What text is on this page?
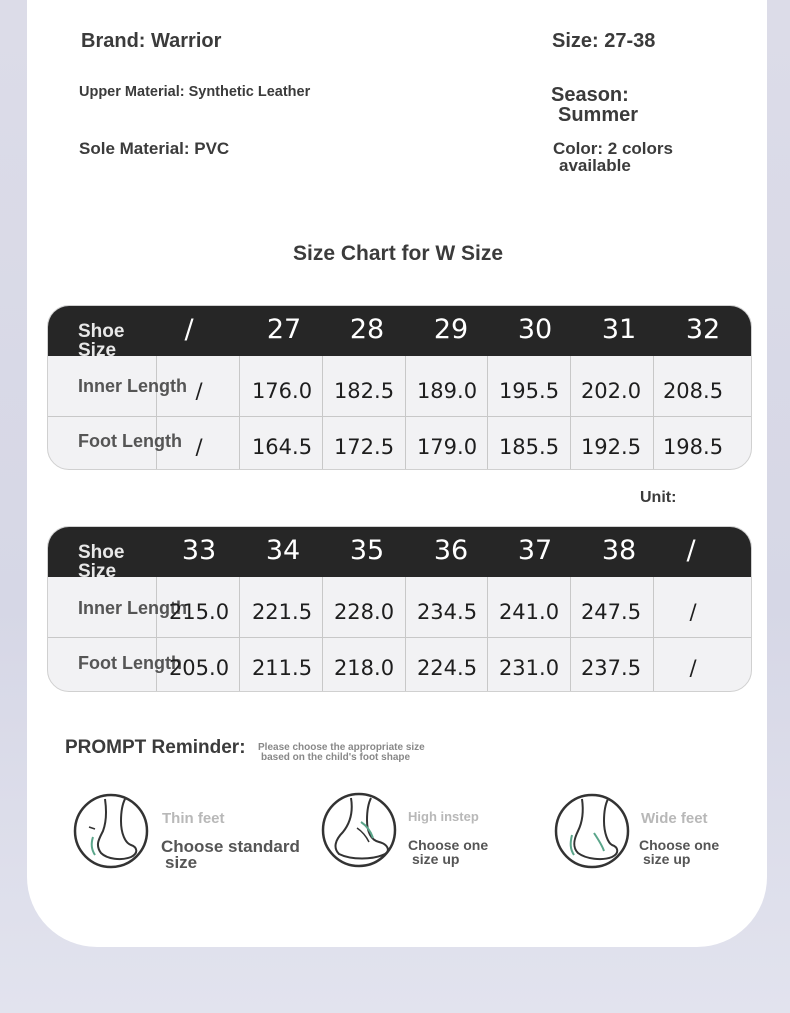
Brand: Warrior	Size: 27-38
Upper Material: Synthetic Leather	Season:
Summer
Sole Material: PVC	Color: 2 colors
available
Size Chart for W Size
Shoe
Size
/	27	28	29	30	31	32
Inner Length /	176.0	182.5	189.0	195.5	202.0	208.5
Foot Length /	164.5	172.5	179.0	185.5	192.5	198.5
Unit:
Shoe
Size
33	34	35	36	37	38	/
Inner Length
215.0	221.5	228.0	234.5	241.0	247.5	/
Foot Length
205.0	211.5	218.0	224.5	231.0	237.5	/
PROMPT Reminder: Please choose the appropriate size
based on the child's foot shape
Thin feet
Choose standard
size
High instep
Choose one
size up
Wide feet
Choose one
size up
